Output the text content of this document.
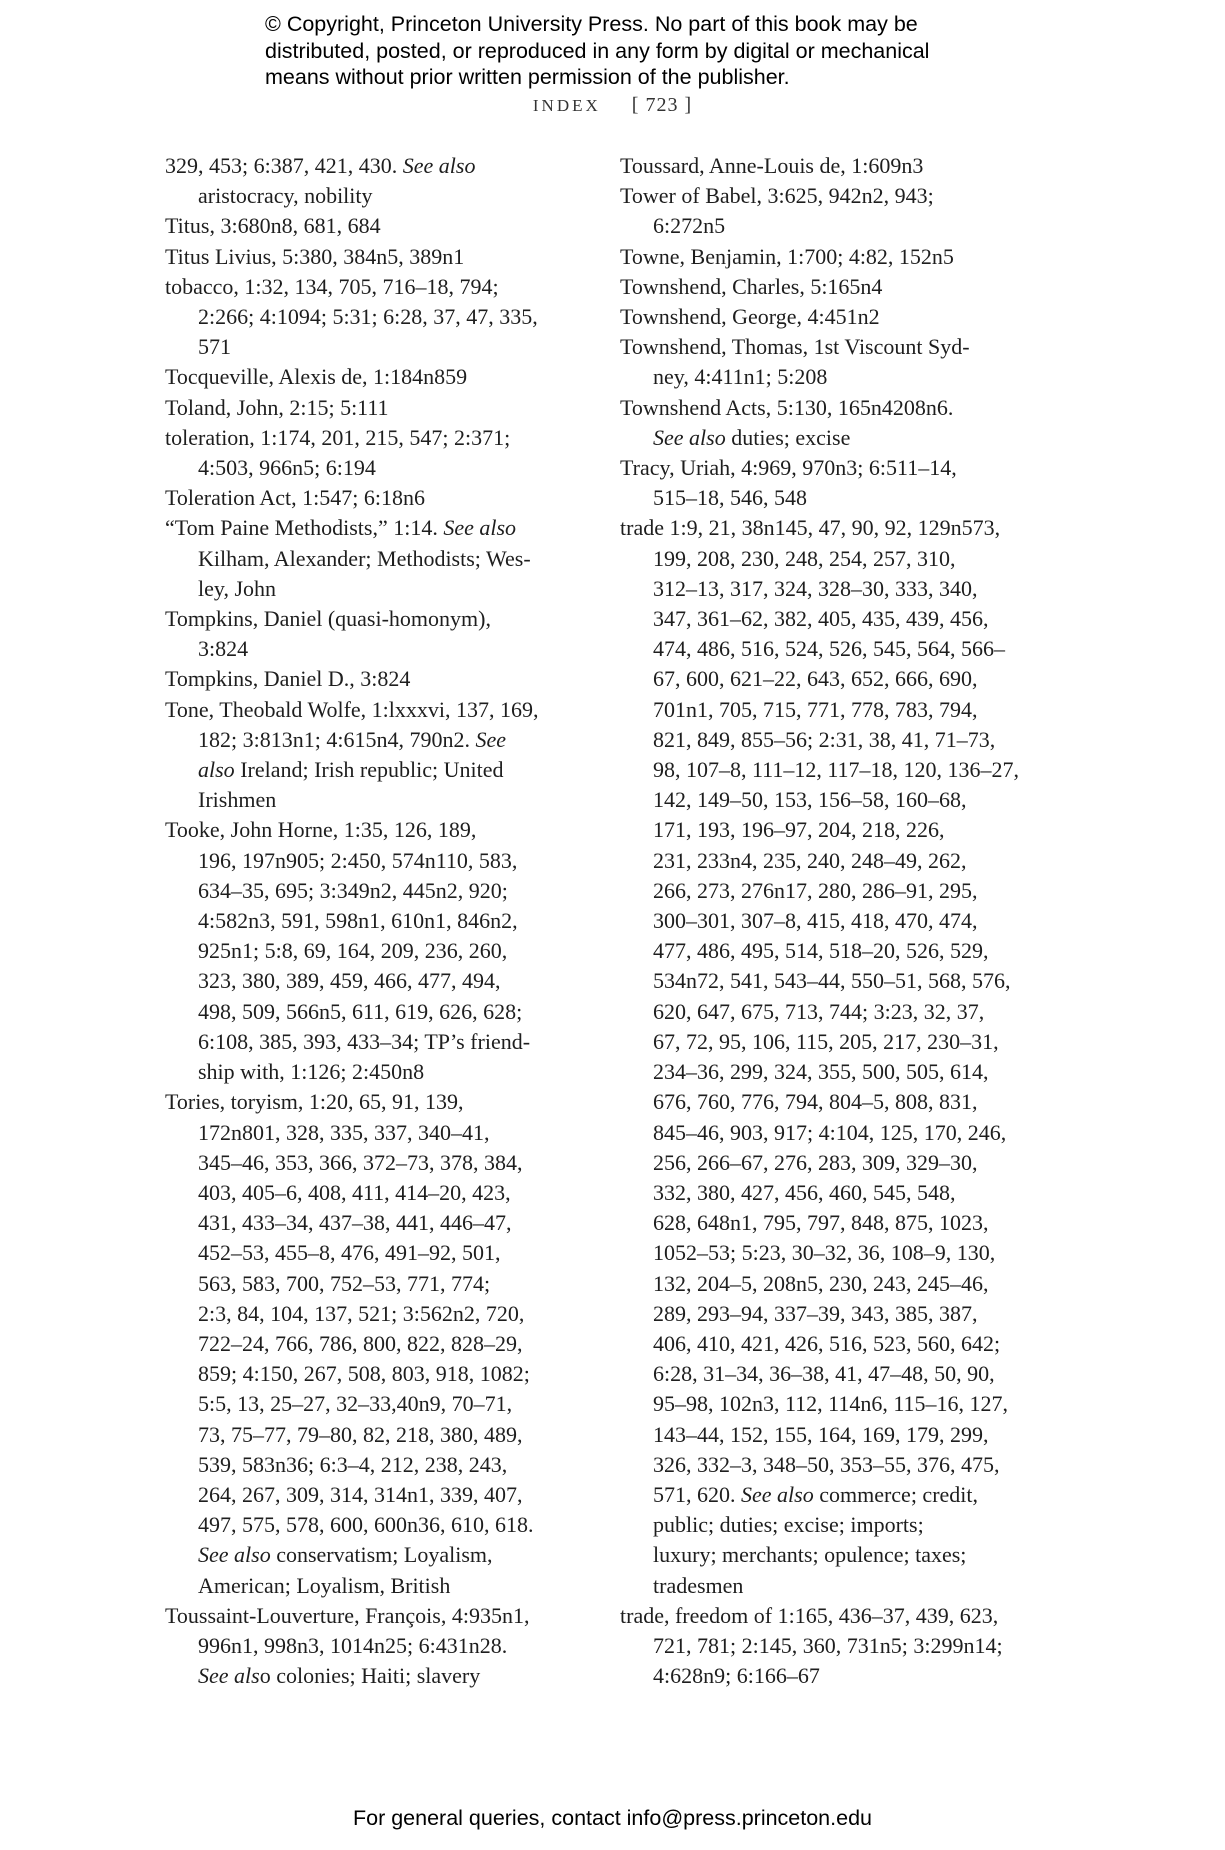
© Copyright, Princeton University Press. No part of this book may be
distributed, posted, or reproduced in any form by digital or mechanical
means without prior written permission of the publisher.
INDEX [ 723 ]
329, 453; 6:387, 421, 430. See also
aristocracy, nobility
Titus, 3:680n8, 681, 684
Titus Livius, 5:380, 384n5, 389n1
tobacco, 1:32, 134, 705, 716–18, 794;
2:266; 4:1094; 5:31; 6:28, 37, 47, 335,
571
Tocqueville, Alexis de, 1:184n859
Toland, John, 2:15; 5:111
toleration, 1:174, 201, 215, 547; 2:371;
4:503, 966n5; 6:194
Toleration Act, 1:547; 6:18n6
“Tom Paine Methodists,” 1:14. See also
Kilham, Alexander; Methodists; Wes-
ley, John
Tompkins, Daniel (quasi-homonym),
3:824
Tompkins, Daniel D., 3:824
Tone, Theobald Wolfe, 1:lxxxvi, 137, 169,
182; 3:813n1; 4:615n4, 790n2. See
also Ireland; Irish republic; United
Irishmen
Tooke, John Horne, 1:35, 126, 189,
196, 197n905; 2:450, 574n110, 583,
634–35, 695; 3:349n2, 445n2, 920;
4:582n3, 591, 598n1, 610n1, 846n2,
925n1; 5:8, 69, 164, 209, 236, 260,
323, 380, 389, 459, 466, 477, 494,
498, 509, 566n5, 611, 619, 626, 628;
6:108, 385, 393, 433–34; TP’s friend-
ship with, 1:126; 2:450n8
Tories, toryism, 1:20, 65, 91, 139,
172n801, 328, 335, 337, 340–41,
345–46, 353, 366, 372–73, 378, 384,
403, 405–6, 408, 411, 414–20, 423,
431, 433–34, 437–38, 441, 446–47,
452–53, 455–8, 476, 491–92, 501,
563, 583, 700, 752–53, 771, 774;
2:3, 84, 104, 137, 521; 3:562n2, 720,
722–24, 766, 786, 800, 822, 828–29,
859; 4:150, 267, 508, 803, 918, 1082;
5:5, 13, 25–27, 32–33,40n9, 70–71,
73, 75–77, 79–80, 82, 218, 380, 489,
539, 583n36; 6:3–4, 212, 238, 243,
264, 267, 309, 314, 314n1, 339, 407,
497, 575, 578, 600, 600n36, 610, 618.
See also conservatism; Loyalism,
American; Loyalism, British
Toussaint-Louverture, François, 4:935n1,
996n1, 998n3, 1014n25; 6:431n28.
See also colonies; Haiti; slavery
Toussard, Anne-Louis de, 1:609n3
Tower of Babel, 3:625, 942n2, 943;
6:272n5
Towne, Benjamin, 1:700; 4:82, 152n5
Townshend, Charles, 5:165n4
Townshend, George, 4:451n2
Townshend, Thomas, 1st Viscount Syd-
ney, 4:411n1; 5:208
Townshend Acts, 5:130, 165n4208n6.
See also duties; excise
Tracy, Uriah, 4:969, 970n3; 6:511–14,
515–18, 546, 548
trade 1:9, 21, 38n145, 47, 90, 92, 129n573,
199, 208, 230, 248, 254, 257, 310,
312–13, 317, 324, 328–30, 333, 340,
347, 361–62, 382, 405, 435, 439, 456,
474, 486, 516, 524, 526, 545, 564, 566–
67, 600, 621–22, 643, 652, 666, 690,
701n1, 705, 715, 771, 778, 783, 794,
821, 849, 855–56; 2:31, 38, 41, 71–73,
98, 107–8, 111–12, 117–18, 120, 136–27,
142, 149–50, 153, 156–58, 160–68,
171, 193, 196–97, 204, 218, 226,
231, 233n4, 235, 240, 248–49, 262,
266, 273, 276n17, 280, 286–91, 295,
300–301, 307–8, 415, 418, 470, 474,
477, 486, 495, 514, 518–20, 526, 529,
534n72, 541, 543–44, 550–51, 568, 576,
620, 647, 675, 713, 744; 3:23, 32, 37,
67, 72, 95, 106, 115, 205, 217, 230–31,
234–36, 299, 324, 355, 500, 505, 614,
676, 760, 776, 794, 804–5, 808, 831,
845–46, 903, 917; 4:104, 125, 170, 246,
256, 266–67, 276, 283, 309, 329–30,
332, 380, 427, 456, 460, 545, 548,
628, 648n1, 795, 797, 848, 875, 1023,
1052–53; 5:23, 30–32, 36, 108–9, 130,
132, 204–5, 208n5, 230, 243, 245–46,
289, 293–94, 337–39, 343, 385, 387,
406, 410, 421, 426, 516, 523, 560, 642;
6:28, 31–34, 36–38, 41, 47–48, 50, 90,
95–98, 102n3, 112, 114n6, 115–16, 127,
143–44, 152, 155, 164, 169, 179, 299,
326, 332–3, 348–50, 353–55, 376, 475,
571, 620. See also commerce; credit,
public; duties; excise; imports;
luxury; merchants; opulence; taxes;
tradesmen
trade, freedom of 1:165, 436–37, 439, 623,
721, 781; 2:145, 360, 731n5; 3:299n14;
4:628n9; 6:166–67
For general queries, contact info@press.princeton.edu
